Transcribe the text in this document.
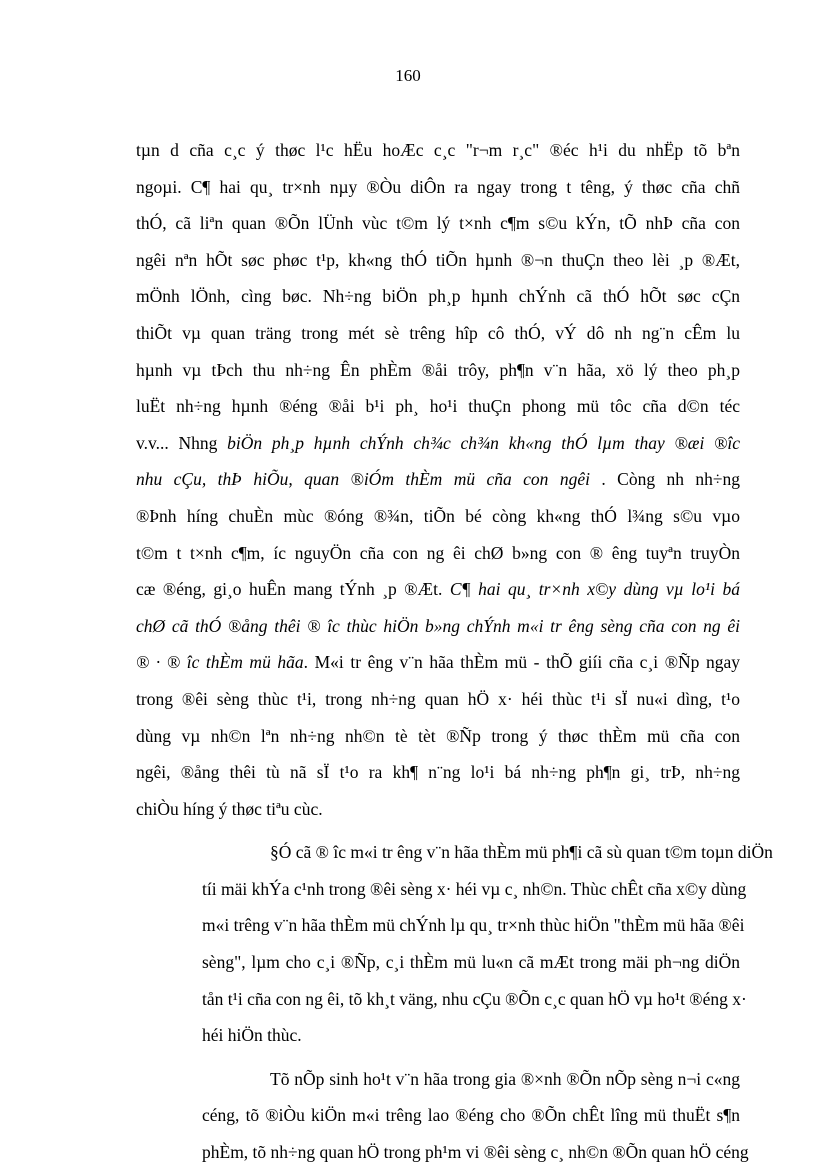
160
tµn d cña c¸c ý thøc l¹c hËu hoÆc c¸c "r¬m r¸c" ®éc h¹i du nhËp tõ bªn
ngoµi. C¶ hai qu¸ tr×nh nµy ®Òu diÔn ra ngay trong t têng, ý thøc cña chñ
thÓ, cã liªn quan ®Õn lÜnh vùc t©m lý t×nh c¶m s©u kÝn, tÕ nhÞ cña con
ngêi nªn hÕt søc phøc t¹p, kh«ng thÓ tiÕn hµnh ®¬n thuÇn theo lèi ¸p ®Æt,
mÖnh lÖnh, cìng bøc. Nh÷ng biÖn ph¸p hµnh chÝnh cã thÓ hÕt søc cÇn
thiÕt vµ quan träng trong mét sè trêng hîp cô thÓ, vÝ dô nh ng¨n cÊm lu
hµnh vµ tÞch thu nh÷ng Ên phÈm ®åi trôy, ph¶n v¨n hãa, xö lý theo ph¸p
luËt nh÷ng hµnh ®éng ®åi b¹i ph¸ ho¹i thuÇn phong mü tôc cña d©n téc
v.v... Nhng biÖn ph¸p hµnh chÝnh ch¾c ch¾n kh«ng thÓ lµm thay ®æi ®îc
nhu cÇu, thÞ hiÕu, quan ®iÓm thÈm mü cña con ngêi . Còng nh nh÷ng
®Þnh híng chuÈn mùc ®óng ®¾n, tiÕn bé còng kh«ng thÓ l¾ng s©u vµo
t©m t t×nh c¶m, íc nguyÖn cña con ng êi chØ b»ng con ® êng tuyªn truyÒn
cæ ®éng, gi¸o huÊn mang tÝnh ¸p ®Æt. C¶ hai qu¸ tr×nh x©y dùng vµ lo¹i bá
chØ cã thÓ ®ång thêi ® îc thùc hiÖn b»ng chÝnh m«i tr êng sèng cña con ng êi
® · ® îc thÈm mü hãa. M«i tr êng v¨n hãa thÈm mü - thÕ giíi cña c¸i ®Ñp ngay
trong ®êi sèng thùc t¹i, trong nh÷ng quan hÖ x· héi thùc t¹i sÏ nu«i dìng, t¹o
dùng vµ nh©n lªn nh÷ng nh©n tè tèt ®Ñp trong ý thøc thÈm mü cña con
ngêi, ®ång thêi tù nã sÏ t¹o ra kh¶ n¨ng lo¹i bá nh÷ng ph¶n gi¸ trÞ, nh÷ng
chiÒu híng ý thøc tiªu cùc.
§Ó cã ® îc m«i tr êng v¨n hãa thÈm mü ph¶i cã sù quan t©m toµn diÖn
tíi mäi khÝa c¹nh trong ®êi sèng x· héi vµ c¸ nh©n. Thùc chÊt cña x©y dùng
m«i trêng v¨n hãa thÈm mü chÝnh lµ qu¸ tr×nh thùc hiÖn "thÈm mü hãa ®êi
sèng", lµm cho c¸i ®Ñp, c¸i thÈm mü lu«n cã mÆt trong mäi ph¬ng diÖn
tån t¹i cña con ng êi, tõ kh¸t väng, nhu cÇu ®Õn c¸c quan hÖ vµ ho¹t ®éng x·
héi hiÖn thùc.
Tõ nÕp sinh ho¹t v¨n hãa trong gia ®×nh ®Õn nÕp sèng n¬i c«ng
céng, tõ ®iÒu kiÖn m«i trêng lao ®éng cho ®Õn chÊt lîng mü thuËt s¶n
phÈm, tõ nh÷ng quan hÖ trong ph¹m vi ®êi sèng c¸ nh©n ®Õn quan hÖ céng
